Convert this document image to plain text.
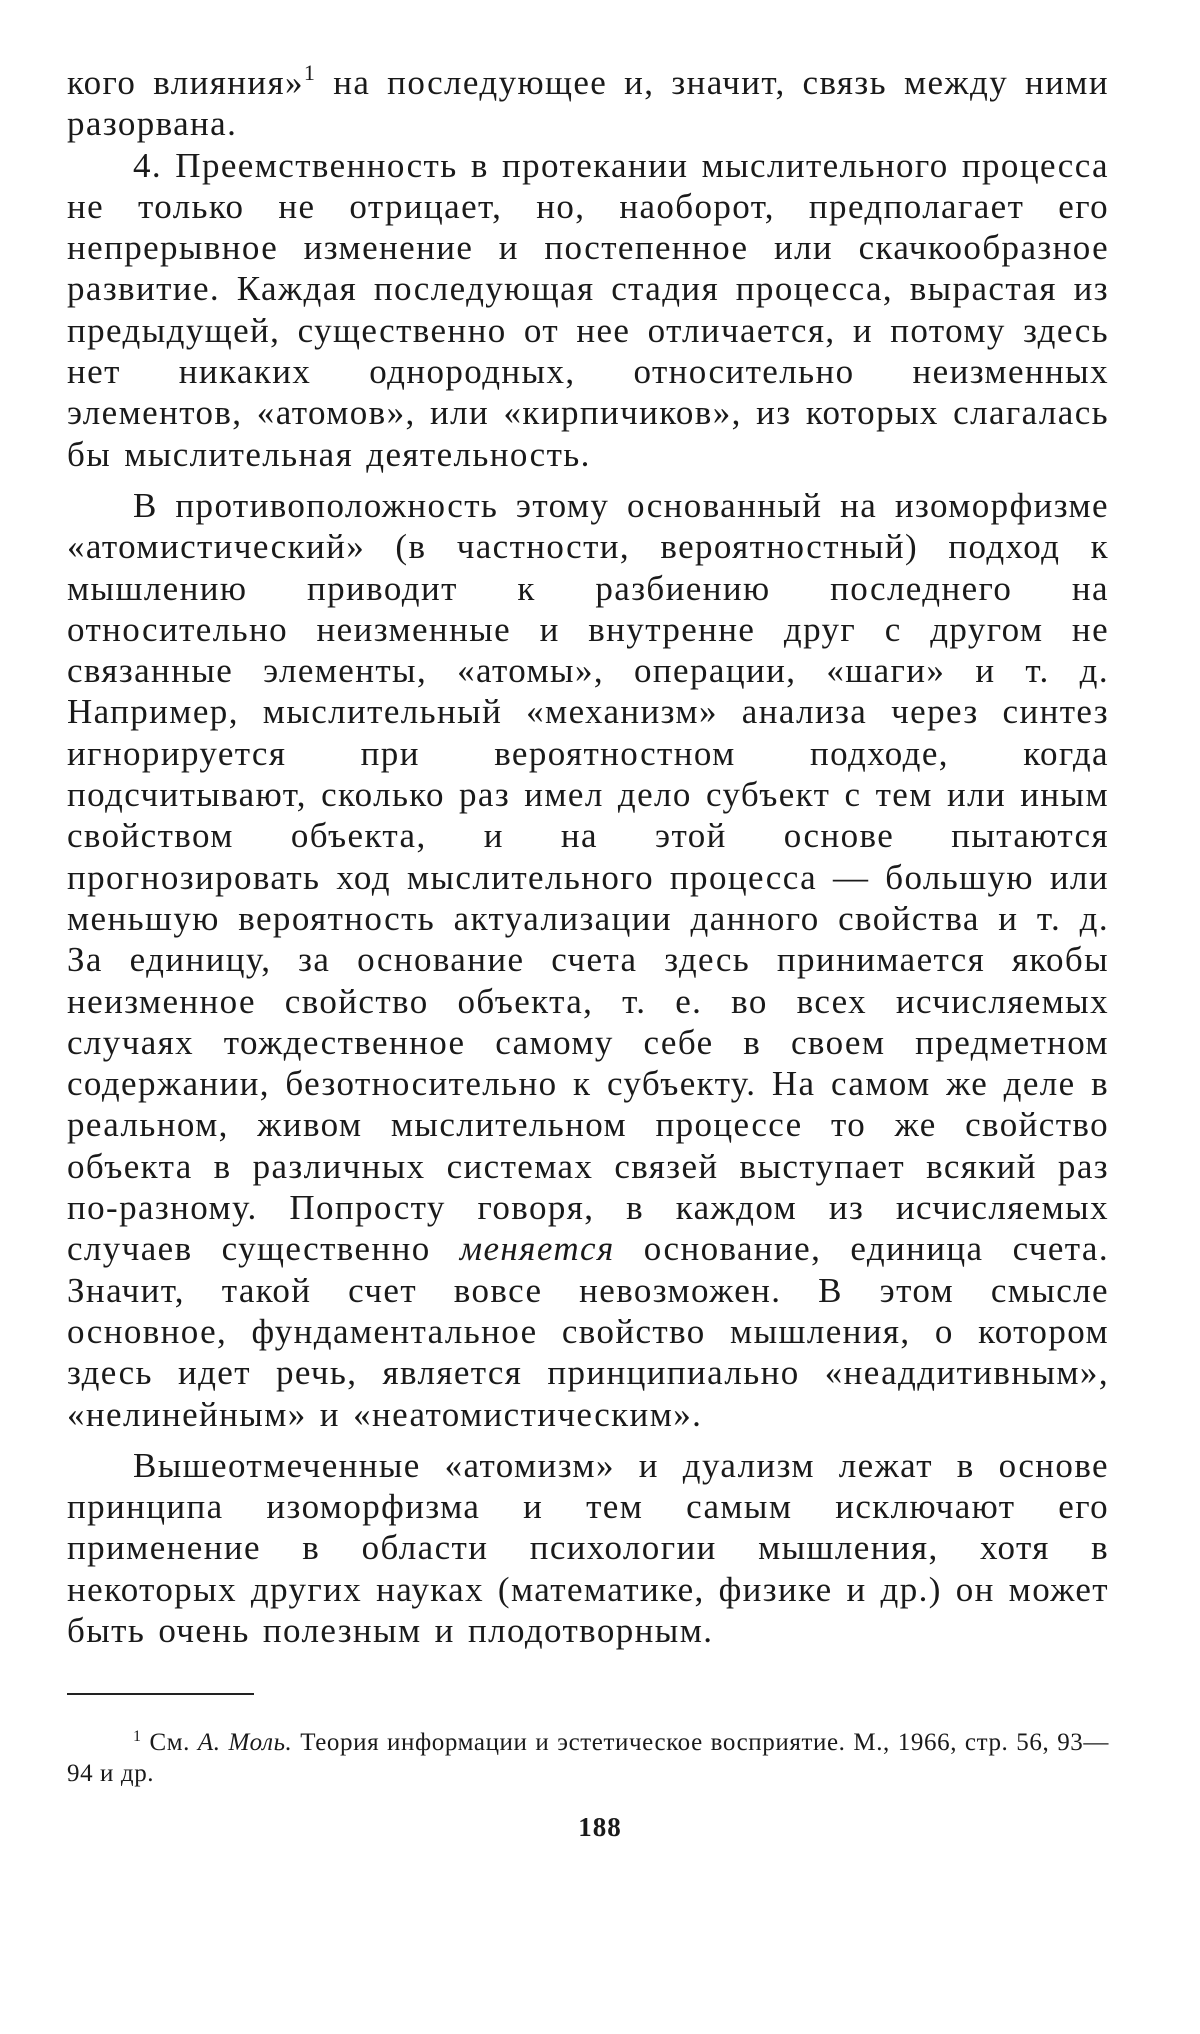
кого влияния»$^1$ на последующее и, значит, связь между ними разорвана.

4. Преемственность в протекании мыслительного процесса не только не отрицает, но, наоборот, предполагает его непрерывное изменение и постепенное или скачкообразное развитие. Каждая последующая стадия процесса, вырастая из предыдущей, существенно от нее отличается, и потому здесь нет никаких однородных, относительно неизменных элементов, «атомов», или «кирпичиков», из которых слагалась бы мыслительная деятельность.

В противоположность этому основанный на изоморфизме «атомистический» (в частности, вероятностный) подход к мышлению приводит к разбиению последнего на относительно неизменные и внутренне друг с другом не связанные элементы, «атомы», операции, «шаги» и т. д. Например, мыслительный «механизм» анализа через синтез игнорируется при вероятностном подходе, когда подсчитывают, сколько раз имел дело субъект с тем или иным свойством объекта, и на этой основе пытаются прогнозировать ход мыслительного процесса — большую или меньшую вероятность актуализации данного свойства и т. д. За единицу, за основание счета здесь принимается якобы неизменное свойство объекта, т. е. во всех исчисляемых случаях тождественное самому себе в своем предметном содержании, безотносительно к субъекту. На самом же деле в реальном, живом мыслительном процессе то же свойство объекта в различных системах связей выступает всякий раз по-разному. Попросту говоря, в каждом из исчисляемых случаев существенно меняется основание, единица счета. Значит, такой счет вовсе невозможен. В этом смысле основное, фундаментальное свойство мышления, о котором здесь идет речь, является принципиально «неаддитивным», «нелинейным» и «неатомистическим».

Вышеотмеченные «атомизм» и дуализм лежат в основе принципа изоморфизма и тем самым исключают его применение в области психологии мышления, хотя в некоторых других науках (математике, физике и др.) он может быть очень полезным и плодотворным.

$^1$ См. А. Моль. Теория информации и эстетическое восприятие. М., 1966, стр. 56, 93—94 и др.

188
